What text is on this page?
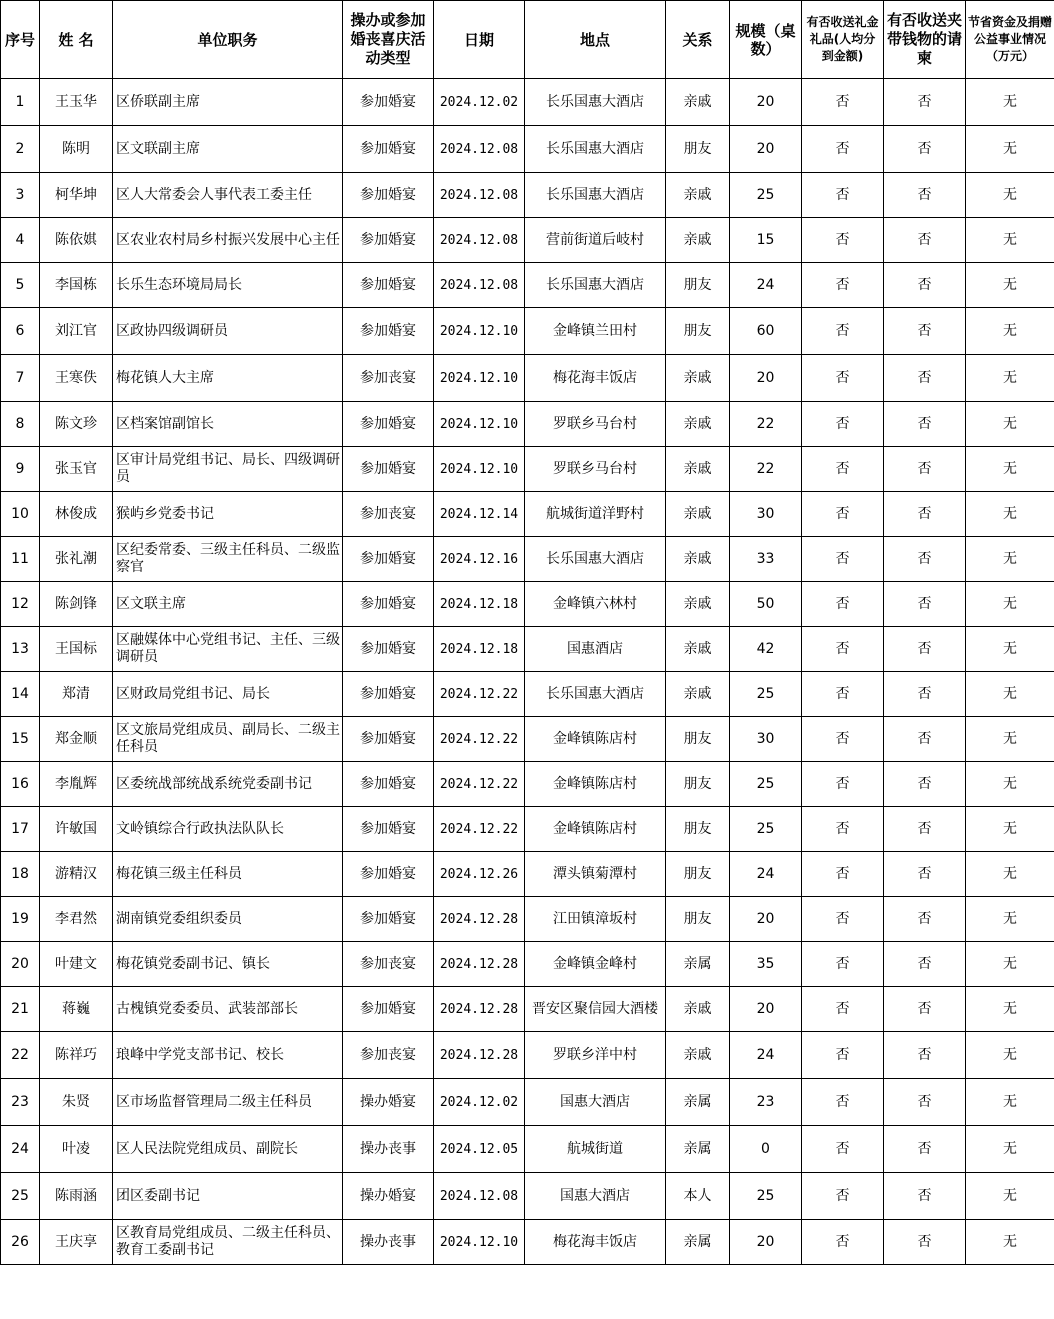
序号	姓 名	单位职务	操办或参加婚丧喜庆活动类型	日期	地点	关系	规模（桌数）	有否收送礼金礼品(人均分到金额)	有否收送夹带钱物的请柬	节省资金及捐赠公益事业情况（万元）
1	王玉华	区侨联副主席	参加婚宴	2024.12.02	长乐国惠大酒店	亲戚	20	否	否	无
2	陈明	区文联副主席	参加婚宴	2024.12.08	长乐国惠大酒店	朋友	20	否	否	无
3	柯华坤	区人大常委会人事代表工委主任	参加婚宴	2024.12.08	长乐国惠大酒店	亲戚	25	否	否	无
4	陈依娸	区农业农村局乡村振兴发展中心主任	参加婚宴	2024.12.08	营前街道后岐村	亲戚	15	否	否	无
5	李国栋	长乐生态环境局局长	参加婚宴	2024.12.08	长乐国惠大酒店	朋友	24	否	否	无
6	刘江官	区政协四级调研员	参加婚宴	2024.12.10	金峰镇兰田村	朋友	60	否	否	无
7	王寒佚	梅花镇人大主席	参加丧宴	2024.12.10	梅花海丰饭店	亲戚	20	否	否	无
8	陈文珍	区档案馆副馆长	参加婚宴	2024.12.10	罗联乡马台村	亲戚	22	否	否	无
9	张玉官	区审计局党组书记、局长、四级调研员	参加婚宴	2024.12.10	罗联乡马台村	亲戚	22	否	否	无
10	林俊成	猴屿乡党委书记	参加丧宴	2024.12.14	航城街道洋野村	亲戚	30	否	否	无
11	张礼潮	区纪委常委、三级主任科员、二级监察官	参加婚宴	2024.12.16	长乐国惠大酒店	亲戚	33	否	否	无
12	陈剑锋	区文联主席	参加婚宴	2024.12.18	金峰镇六林村	亲戚	50	否	否	无
13	王国标	区融媒体中心党组书记、主任、三级调研员	参加婚宴	2024.12.18	国惠酒店	亲戚	42	否	否	无
14	郑清	区财政局党组书记、局长	参加婚宴	2024.12.22	长乐国惠大酒店	亲戚	25	否	否	无
15	郑金顺	区文旅局党组成员、副局长、二级主任科员	参加婚宴	2024.12.22	金峰镇陈店村	朋友	30	否	否	无
16	李胤辉	区委统战部统战系统党委副书记	参加婚宴	2024.12.22	金峰镇陈店村	朋友	25	否	否	无
17	许敏国	文岭镇综合行政执法队队长	参加婚宴	2024.12.22	金峰镇陈店村	朋友	25	否	否	无
18	游精汉	梅花镇三级主任科员	参加婚宴	2024.12.26	潭头镇菊潭村	朋友	24	否	否	无
19	李君然	湖南镇党委组织委员	参加婚宴	2024.12.28	江田镇漳坂村	朋友	20	否	否	无
20	叶建文	梅花镇党委副书记、镇长	参加丧宴	2024.12.28	金峰镇金峰村	亲属	35	否	否	无
21	蒋巍	古槐镇党委委员、武装部部长	参加婚宴	2024.12.28	晋安区聚信园大酒楼	亲戚	20	否	否	无
22	陈祥巧	琅峰中学党支部书记、校长	参加丧宴	2024.12.28	罗联乡洋中村	亲戚	24	否	否	无
23	朱贤	区市场监督管理局二级主任科员	操办婚宴	2024.12.02	国惠大酒店	亲属	23	否	否	无
24	叶凌	区人民法院党组成员、副院长	操办丧事	2024.12.05	航城街道	亲属	0	否	否	无
25	陈雨涵	团区委副书记	操办婚宴	2024.12.08	国惠大酒店	本人	25	否	否	无
26	王庆享	区教育局党组成员、二级主任科员、教育工委副书记	操办丧事	2024.12.10	梅花海丰饭店	亲属	20	否	否	无
